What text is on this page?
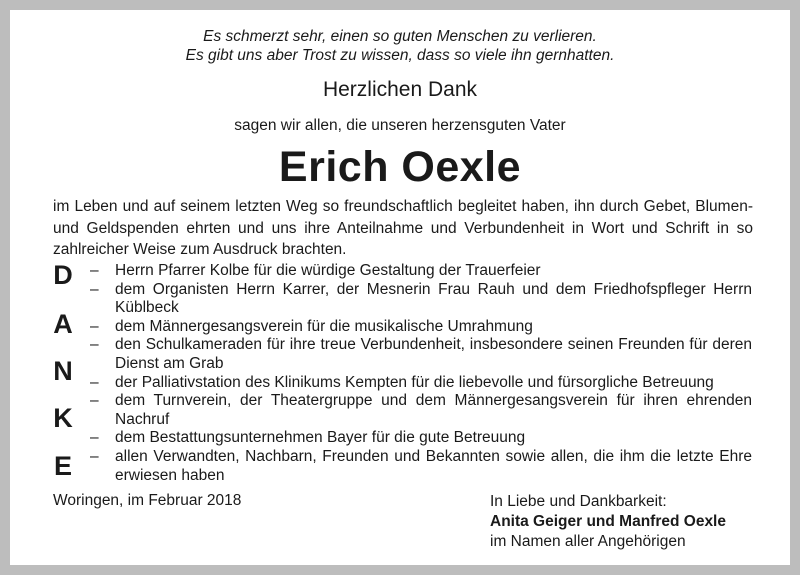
Es schmerzt sehr, einen so guten Menschen zu verlieren.
Es gibt uns aber Trost zu wissen, dass so viele ihn gernhatten.
Herzlichen Dank
sagen wir allen, die unseren herzensguten Vater
Erich Oexle
im Leben und auf seinem letzten Weg so freundschaftlich begleitet haben, ihn durch Gebet, Blumen- und Geldspenden ehrten und uns ihre Anteilnahme und Verbundenheit in Wort und Schrift in so zahlreicher Weise zum Ausdruck brachten.
D
A
N
K
E
– Herrn Pfarrer Kolbe für die würdige Gestaltung der Trauerfeier
– dem Organisten Herrn Karrer, der Mesnerin Frau Rauh und dem Friedhofspfleger Herrn Küblbeck
– dem Männergesangsverein für die musikalische Umrahmung
– den Schulkameraden für ihre treue Verbundenheit, insbesondere seinen Freunden für deren Dienst am Grab
– der Palliativstation des Klinikums Kempten für die liebevolle und fürsorgliche Betreuung
– dem Turnverein, der Theatergruppe und dem Männergesangsverein für ihren ehrenden Nachruf
– dem Bestattungsunternehmen Bayer für die gute Betreuung
– allen Verwandten, Nachbarn, Freunden und Bekannten sowie allen, die ihm die letzte Ehre erwiesen haben
Woringen, im Februar 2018	In Liebe und Dankbarkeit:
Anita Geiger und Manfred Oexle
im Namen aller Angehörigen
